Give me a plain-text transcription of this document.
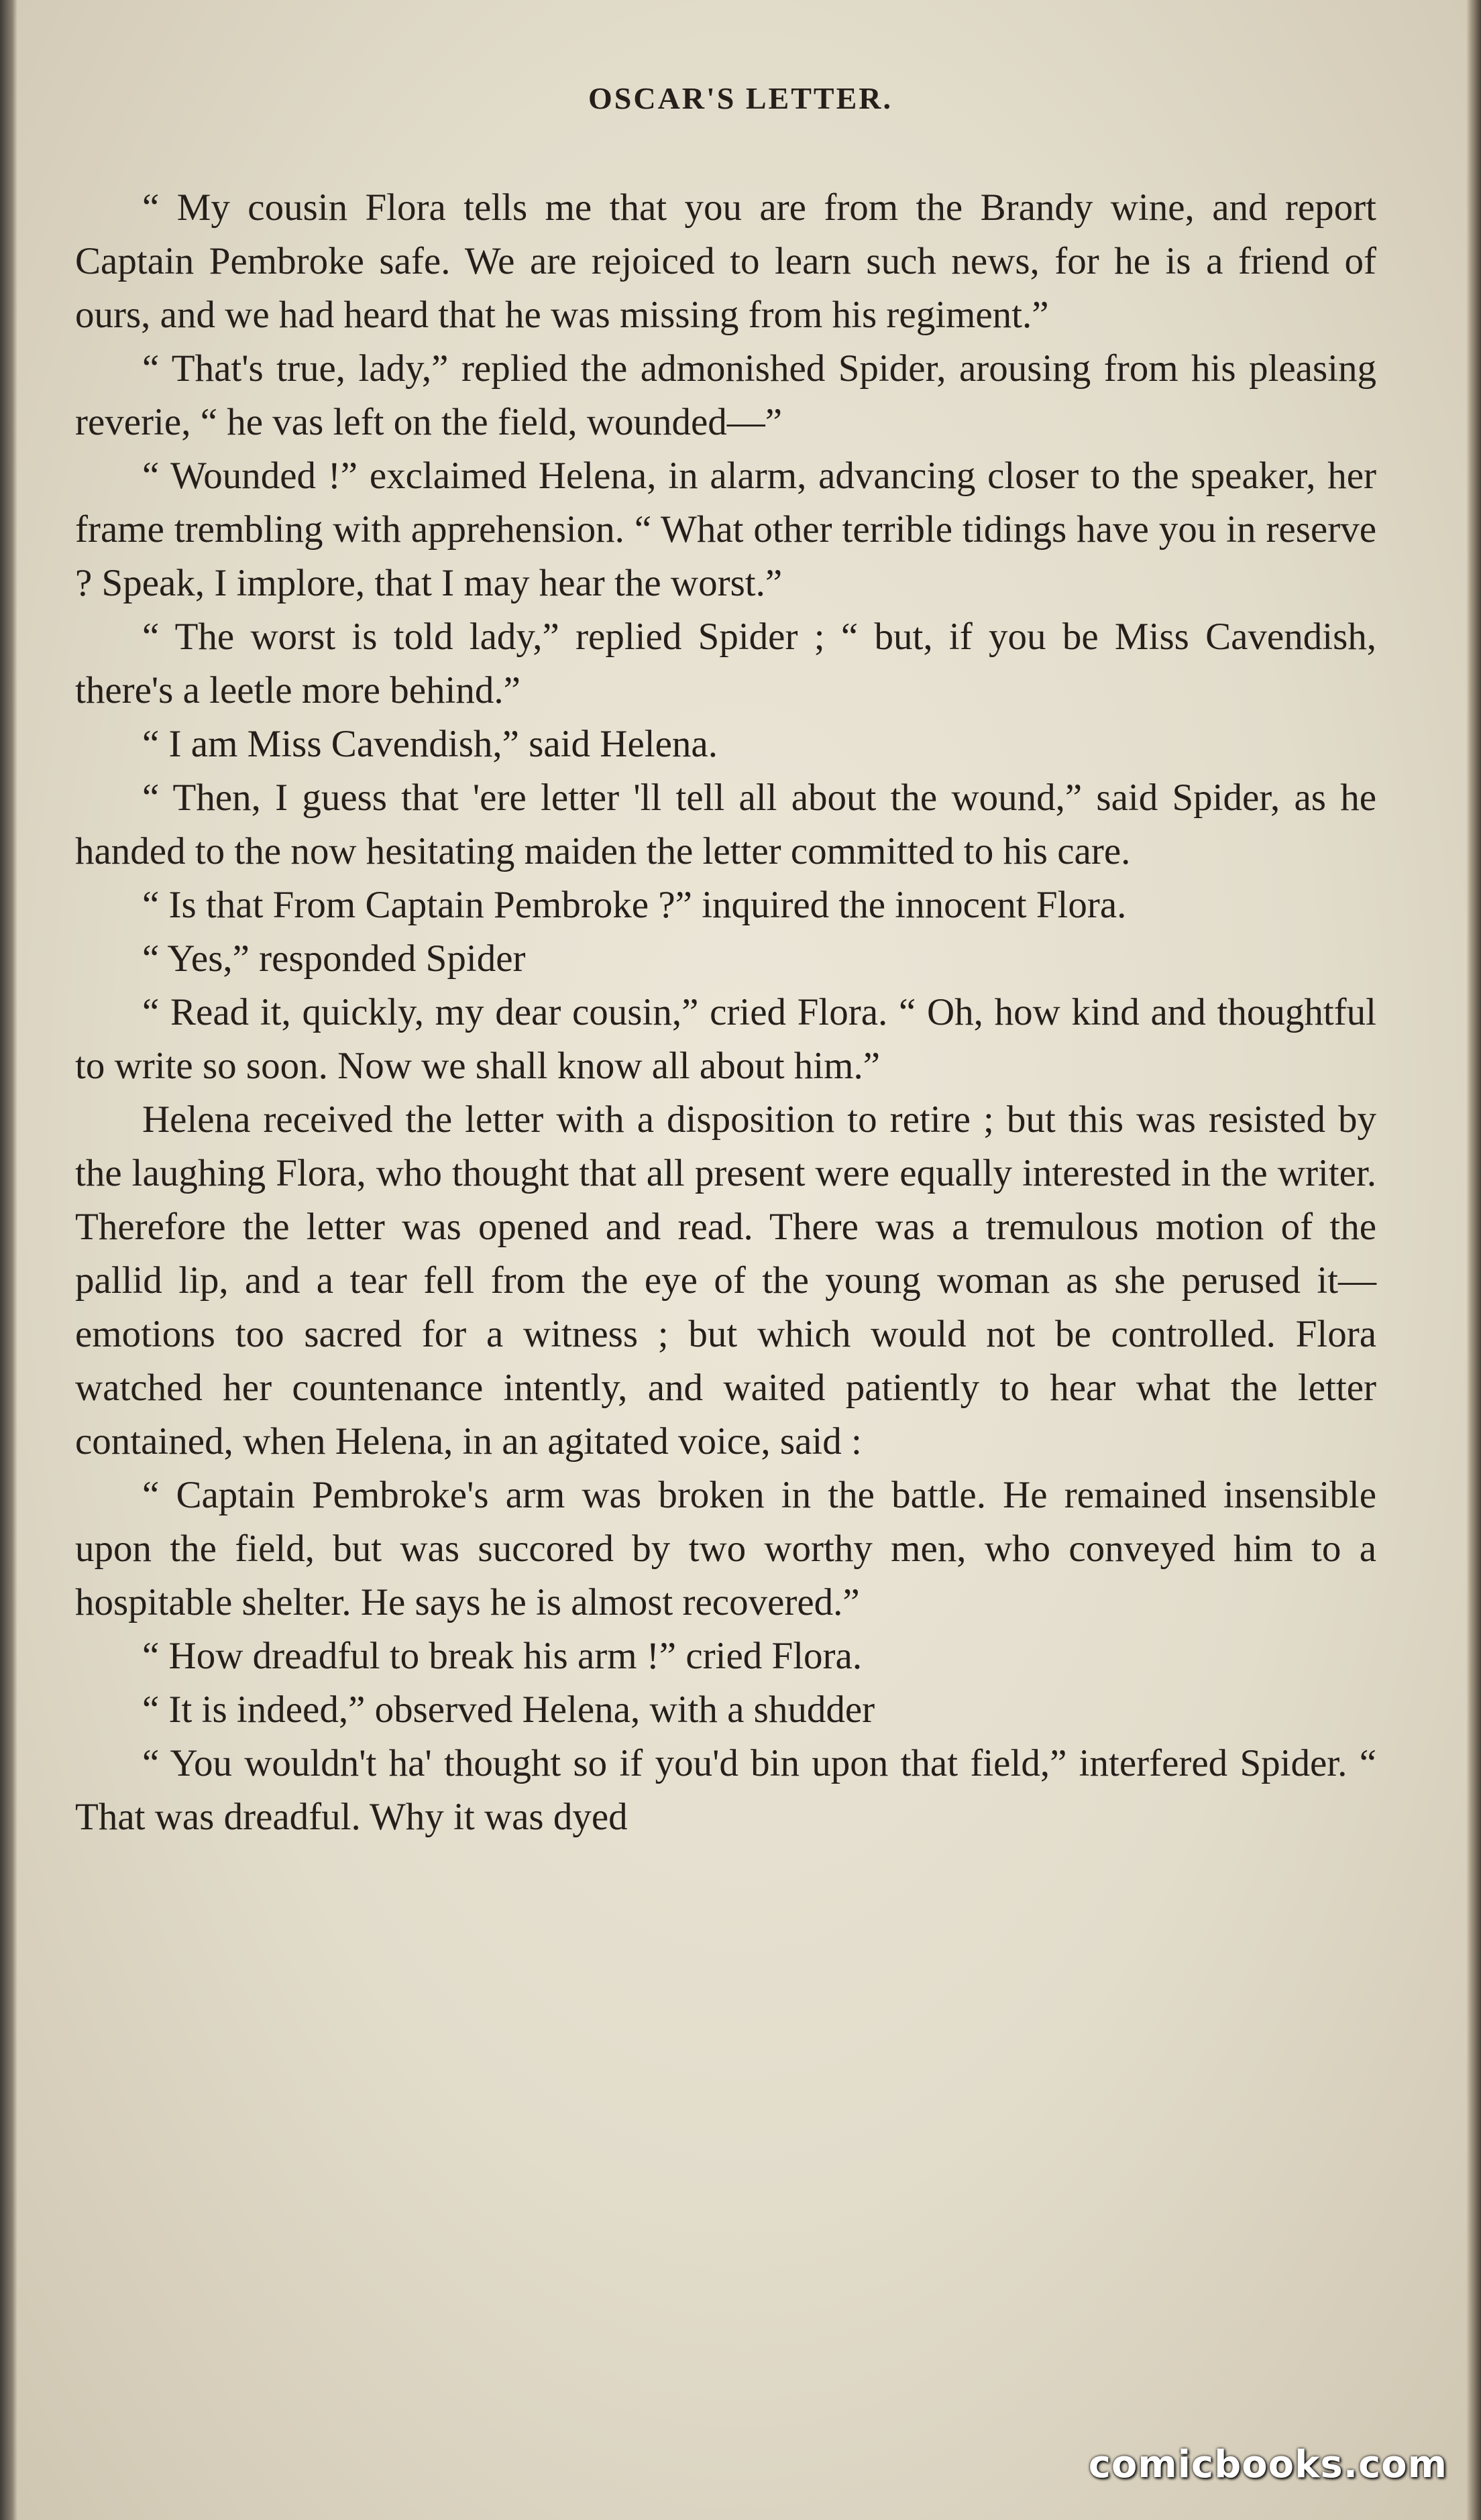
OSCAR'S LETTER.

“ My cousin Flora tells me that you are from the Brandy wine, and report Captain Pembroke safe. We are rejoiced to learn such news, for he is a friend of ours, and we had heard that he was missing from his regiment.”

“ That's true, lady,” replied the admonished Spider, arousing from his pleasing reverie, “ he vas left on the field, wounded—”

“ Wounded !” exclaimed Helena, in alarm, advancing closer to the speaker, her frame trembling with apprehension. “ What other terrible tidings have you in reserve ? Speak, I implore, that I may hear the worst.”

“ The worst is told lady,” replied Spider ; “ but, if you be Miss Cavendish, there's a leetle more behind.”

“ I am Miss Cavendish,” said Helena.

“ Then, I guess that 'ere letter 'll tell all about the wound,” said Spider, as he handed to the now hesitating maiden the letter committed to his care.

“ Is that From Captain Pembroke ?” inquired the innocent Flora.

“ Yes,” responded Spider

“ Read it, quickly, my dear cousin,” cried Flora. “ Oh, how kind and thoughtful to write so soon. Now we shall know all about him.”

Helena received the letter with a disposition to retire ; but this was resisted by the laughing Flora, who thought that all present were equally interested in the writer. Therefore the letter was opened and read. There was a tremulous motion of the pallid lip, and a tear fell from the eye of the young woman as she perused it—emotions too sacred for a witness ; but which would not be controlled. Flora watched her countenance intently, and waited patiently to hear what the letter contained, when Helena, in an agitated voice, said :

“ Captain Pembroke's arm was broken in the battle. He remained insensible upon the field, but was succored by two worthy men, who conveyed him to a hospitable shelter. He says he is almost recovered.”

“ How dreadful to break his arm !” cried Flora.

“ It is indeed,” observed Helena, with a shudder

“ You wouldn't ha' thought so if you'd bin upon that field,” interfered Spider. “ That was dreadful. Why it was dyed

comicbooks.com
